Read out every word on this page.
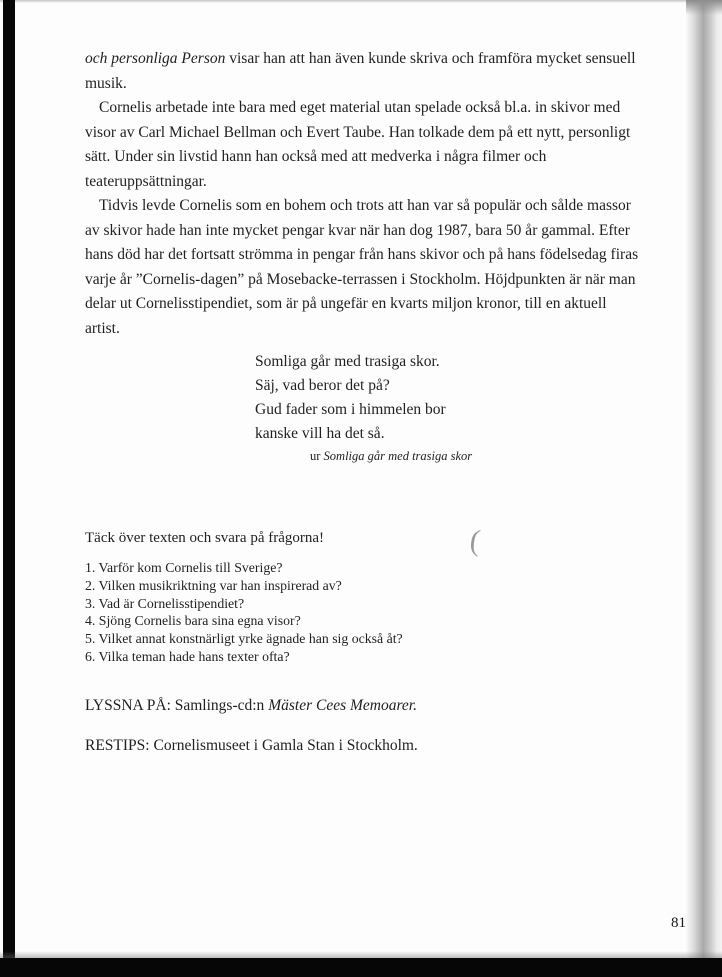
(

och personliga Person visar han att han även kunde skriva och framföra mycket sensuell musik.

Cornelis arbetade inte bara med eget material utan spelade också bl.a. in skivor med visor av Carl Michael Bellman och Evert Taube. Han tolkade dem på ett nytt, personligt sätt. Under sin livstid hann han också med att medverka i några filmer och teateruppsättningar.

Tidvis levde Cornelis som en bohem och trots att han var så populär och sålde massor av skivor hade han inte mycket pengar kvar när han dog 1987, bara 50 år gammal. Efter hans död har det fortsatt strömma in pengar från hans skivor och på hans födelsedag firas varje år ”Cornelis-dagen” på Mosebacke-terrassen i Stockholm. Höjdpunkten är när man delar ut Cornelisstipendiet, som är på ungefär en kvarts miljon kronor, till en aktuell artist.

Somliga går med trasiga skor.
Säj, vad beror det på?
Gud fader som i himmelen bor
kanske vill ha det så.
ur Somliga går med trasiga skor

Täck över texten och svara på frågorna!

1. Varför kom Cornelis till Sverige?
2. Vilken musikriktning var han inspirerad av?
3. Vad är Cornelisstipendiet?
4. Sjöng Cornelis bara sina egna visor?
5. Vilket annat konstnärligt yrke ägnade han sig också åt?
6. Vilka teman hade hans texter ofta?

LYSSNA PÅ: Samlings-cd:n Mäster Cees Memoarer.

RESTIPS: Cornelismuseet i Gamla Stan i Stockholm.

81
